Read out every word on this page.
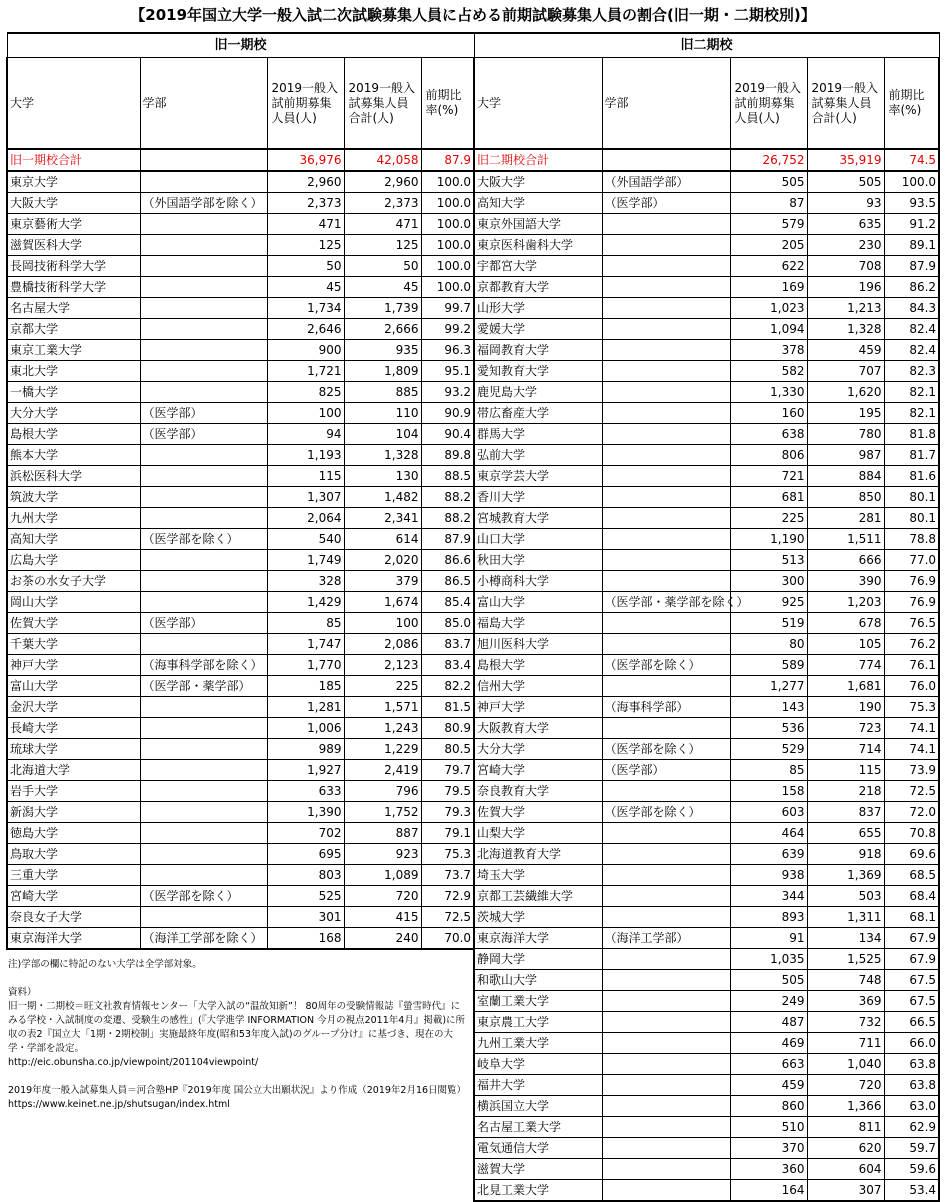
【2019年国立大学一般入試二次試験募集人員に占める前期試験募集人員の割合(旧一期・二期校別)】
旧一期校				
大学	学部	2019一般入試前期募集人員(人)	2019一般入試募集人員合計(人)	前期比率(%)
旧一期校合計		36,976	42,058	87.9
東京大学		2,960	2,960	100.0
大阪大学	（外国語学部を除く）	2,373	2,373	100.0
東京藝術大学		471	471	100.0
滋賀医科大学		125	125	100.0
長岡技術科学大学		50	50	100.0
豊橋技術科学大学		45	45	100.0
名古屋大学		1,734	1,739	99.7
京都大学		2,646	2,666	99.2
東京工業大学		900	935	96.3
東北大学		1,721	1,809	95.1
一橋大学		825	885	93.2
大分大学	（医学部）	100	110	90.9
島根大学	（医学部）	94	104	90.4
熊本大学		1,193	1,328	89.8
浜松医科大学		115	130	88.5
筑波大学		1,307	1,482	88.2
九州大学		2,064	2,341	88.2
高知大学	（医学部を除く）	540	614	87.9
広島大学		1,749	2,020	86.6
お茶の水女子大学		328	379	86.5
岡山大学		1,429	1,674	85.4
佐賀大学	（医学部）	85	100	85.0
千葉大学		1,747	2,086	83.7
神戸大学	（海事科学部を除く）	1,770	2,123	83.4
富山大学	（医学部・薬学部）	185	225	82.2
金沢大学		1,281	1,571	81.5
長崎大学		1,006	1,243	80.9
琉球大学		989	1,229	80.5
北海道大学		1,927	2,419	79.7
岩手大学		633	796	79.5
新潟大学		1,390	1,752	79.3
徳島大学		702	887	79.1
鳥取大学		695	923	75.3
三重大学		803	1,089	73.7
宮崎大学	（医学部を除く）	525	720	72.9
奈良女子大学		301	415	72.5
東京海洋大学	（海洋工学部を除く）	168	240	70.0
旧二期校				
大学	学部	2019一般入試前期募集人員(人)	2019一般入試募集人員合計(人)	前期比率(%)
旧二期校合計		26,752	35,919	74.5
大阪大学	（外国語学部）	505	505	100.0
高知大学	（医学部）	87	93	93.5
東京外国語大学		579	635	91.2
東京医科歯科大学		205	230	89.1
宇都宮大学		622	708	87.9
京都教育大学		169	196	86.2
山形大学		1,023	1,213	84.3
愛媛大学		1,094	1,328	82.4
福岡教育大学		378	459	82.4
愛知教育大学		582	707	82.3
鹿児島大学		1,330	1,620	82.1
帯広畜産大学		160	195	82.1
群馬大学		638	780	81.8
弘前大学		806	987	81.7
東京学芸大学		721	884	81.6
香川大学		681	850	80.1
宮城教育大学		225	281	80.1
山口大学		1,190	1,511	78.8
秋田大学		513	666	77.0
小樽商科大学		300	390	76.9
富山大学	（医学部・薬学部を除く）	925	1,203	76.9
福島大学		519	678	76.5
旭川医科大学		80	105	76.2
島根大学	（医学部を除く）	589	774	76.1
信州大学		1,277	1,681	76.0
神戸大学	（海事科学部）	143	190	75.3
大阪教育大学		536	723	74.1
大分大学	（医学部を除く）	529	714	74.1
宮崎大学	（医学部）	85	115	73.9
奈良教育大学		158	218	72.5
佐賀大学	（医学部を除く）	603	837	72.0
山梨大学		464	655	70.8
北海道教育大学		639	918	69.6
埼玉大学		938	1,369	68.5
京都工芸繊維大学		344	503	68.4
茨城大学		893	1,311	68.1
東京海洋大学	（海洋工学部）	91	134	67.9
静岡大学		1,035	1,525	67.9
和歌山大学		505	748	67.5
室蘭工業大学		249	369	67.5
東京農工大学		487	732	66.5
九州工業大学		469	711	66.0
岐阜大学		663	1,040	63.8
福井大学		459	720	63.8
横浜国立大学		860	1,366	63.0
名古屋工業大学		510	811	62.9
電気通信大学		370	620	59.7
滋賀大学		360	604	59.6
北見工業大学		164	307	53.4

注)学部の欄に特記のない大学は全学部対象。

資料）

旧一期・二期校＝旺文社教育情報センター「大学入試の“温故知新”！ 80周年の受験情報誌『螢雪時代』にみる学校・入試制度の変遷、受験生の感性」(『大学進学 INFORMATION 今月の視点2011年4月』掲載)に所収の表2『国立大「1期・2期校制」実施最終年度(昭和53年度入試)のグループ分け』に基づき、現在の大学・学部を設定。

http://eic.obunsha.co.jp/viewpoint/201104viewpoint/

2019年度一般入試募集人員＝河合塾HP『2019年度 国公立大出願状況』より作成（2019年2月16日閲覧）

https://www.keinet.ne.jp/shutsugan/index.html
